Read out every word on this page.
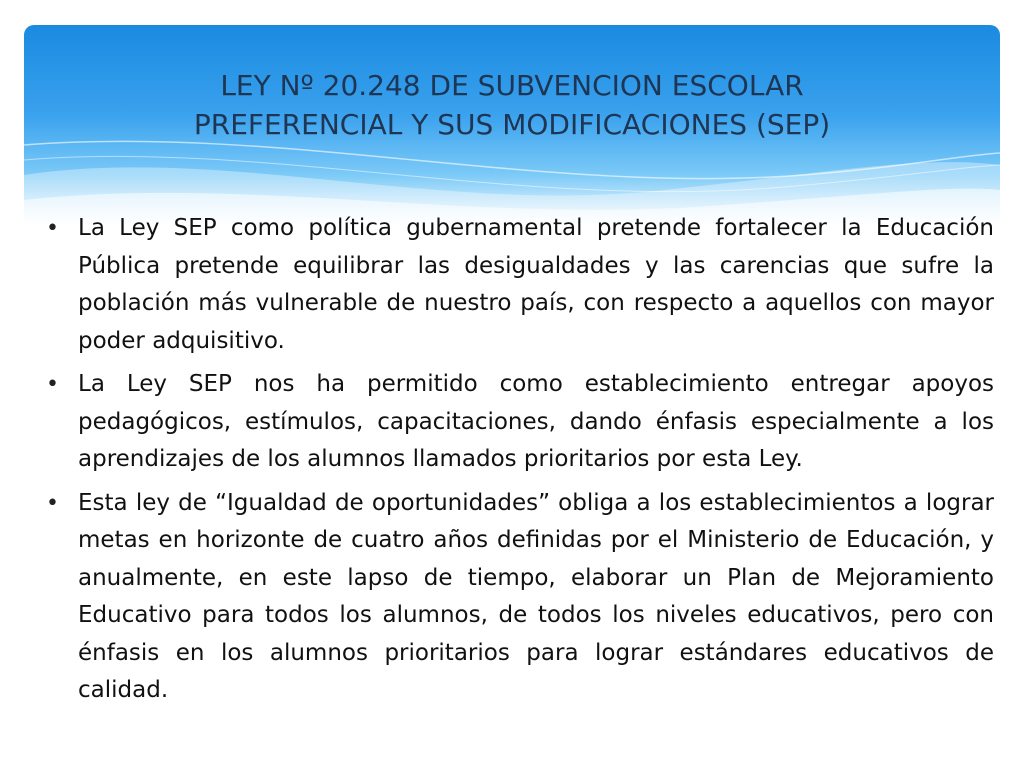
LEY Nº 20.248 DE SUBVENCION ESCOLAR
PREFERENCIAL Y SUS MODIFICACIONES (SEP)
• La Ley SEP como política gubernamental pretende fortalecer la Educación Pública pretende equilibrar las desigualdades y las carencias que sufre la población más vulnerable de nuestro país, con respecto a aquellos con mayor poder adquisitivo.
• La Ley SEP nos ha permitido como establecimiento entregar apoyos pedagógicos, estímulos, capacitaciones, dando énfasis especialmente a los aprendizajes de los alumnos llamados prioritarios por esta Ley.
• Esta ley de “Igualdad de oportunidades” obliga a los establecimientos a lograr metas en horizonte de cuatro años definidas por el Ministerio de Educación, y anualmente, en este lapso de tiempo, elaborar un Plan de Mejoramiento Educativo para todos los alumnos, de todos los niveles educativos, pero con énfasis en los alumnos prioritarios para lograr estándares educativos de calidad.
